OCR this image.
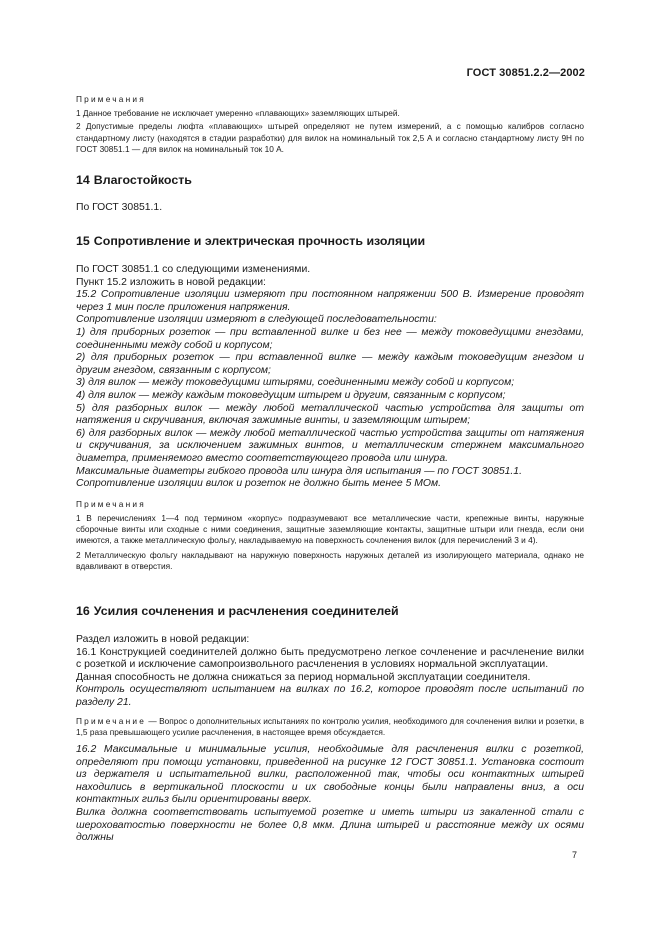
ГОСТ 30851.2.2—2002

Примечания

1 Данное требование не исключает умеренно «плавающих» заземляющих штырей.

2 Допустимые пределы люфта «плавающих» штырей определяют не путем измерений, а с помощью калибров согласно стандартному листу (находятся в стадии разработки) для вилок на номинальный ток 2,5 А и согласно стандартному листу 9Н по ГОСТ 30851.1 — для вилок на номинальный ток 10 А.

14 Влагостойкость

По ГОСТ 30851.1.

15 Сопротивление и электрическая прочность изоляции

По ГОСТ 30851.1 со следующими изменениями.

Пункт 15.2 изложить в новой редакции:

15.2 Сопротивление изоляции измеряют при постоянном напряжении 500 В. Измерение проводят через 1 мин после приложения напряжения.

Сопротивление изоляции измеряют в следующей последовательности:

1) для приборных розеток — при вставленной вилке и без нее — между токоведущими гнездами, соединенными между собой и корпусом;

2) для приборных розеток — при вставленной вилке — между каждым токоведущим гнездом и другим гнездом, связанным с корпусом;

3) для вилок — между токоведущими штырями, соединенными между собой и корпусом;

4) для вилок — между каждым токоведущим штырем и другим, связанным с корпусом;

5) для разборных вилок — между любой металлической частью устройства для защиты от натяжения и скручивания, включая зажимные винты, и заземляющим штырем;

6) для разборных вилок — между любой металлической частью устройства защиты от натяжения и скручивания, за исключением зажимных винтов, и металлическим стержнем максимального диаметра, применяемого вместо соответствующего провода или шнура.

Максимальные диаметры гибкого провода или шнура для испытания — по ГОСТ 30851.1.

Сопротивление изоляции вилок и розеток не должно быть менее 5 МОм.

Примечания

1 В перечислениях 1—4 под термином «корпус» подразумевают все металлические части, крепежные винты, наружные сборочные винты или сходные с ними соединения, защитные заземляющие контакты, защитные штыри или гнезда, если они имеются, а также металлическую фольгу, накладываемую на поверхность сочленения вилок (для перечислений 3 и 4).

2 Металлическую фольгу накладывают на наружную поверхность наружных деталей из изолирующего материала, однако не вдавливают в отверстия.

16 Усилия сочленения и расчленения соединителей

Раздел изложить в новой редакции:

16.1 Конструкцией соединителей должно быть предусмотрено легкое сочленение и расчленение вилки с розеткой и исключение самопроизвольного расчленения в условиях нормальной эксплуатации.

Данная способность не должна снижаться за период нормальной эксплуатации соединителя.

Контроль осуществляют испытанием на вилках по 16.2, которое проводят после испытаний по разделу 21.

Примечание — Вопрос о дополнительных испытаниях по контролю усилия, необходимого для сочленения вилки и розетки, в 1,5 раза превышающего усилие расчленения, в настоящее время обсуждается.

16.2 Максимальные и минимальные усилия, необходимые для расчленения вилки с розеткой, определяют при помощи установки, приведенной на рисунке 12 ГОСТ 30851.1. Установка состоит из держателя и испытательной вилки, расположенной так, чтобы оси контактных штырей находились в вертикальной плоскости и их свободные концы были направлены вниз, а оси контактных гильз были ориентированы вверх.

Вилка должна соответствовать испытуемой розетке и иметь штыри из закаленной стали с шероховатостью поверхности не более 0,8 мкм. Длина штырей и расстояние между их осями должны

7
